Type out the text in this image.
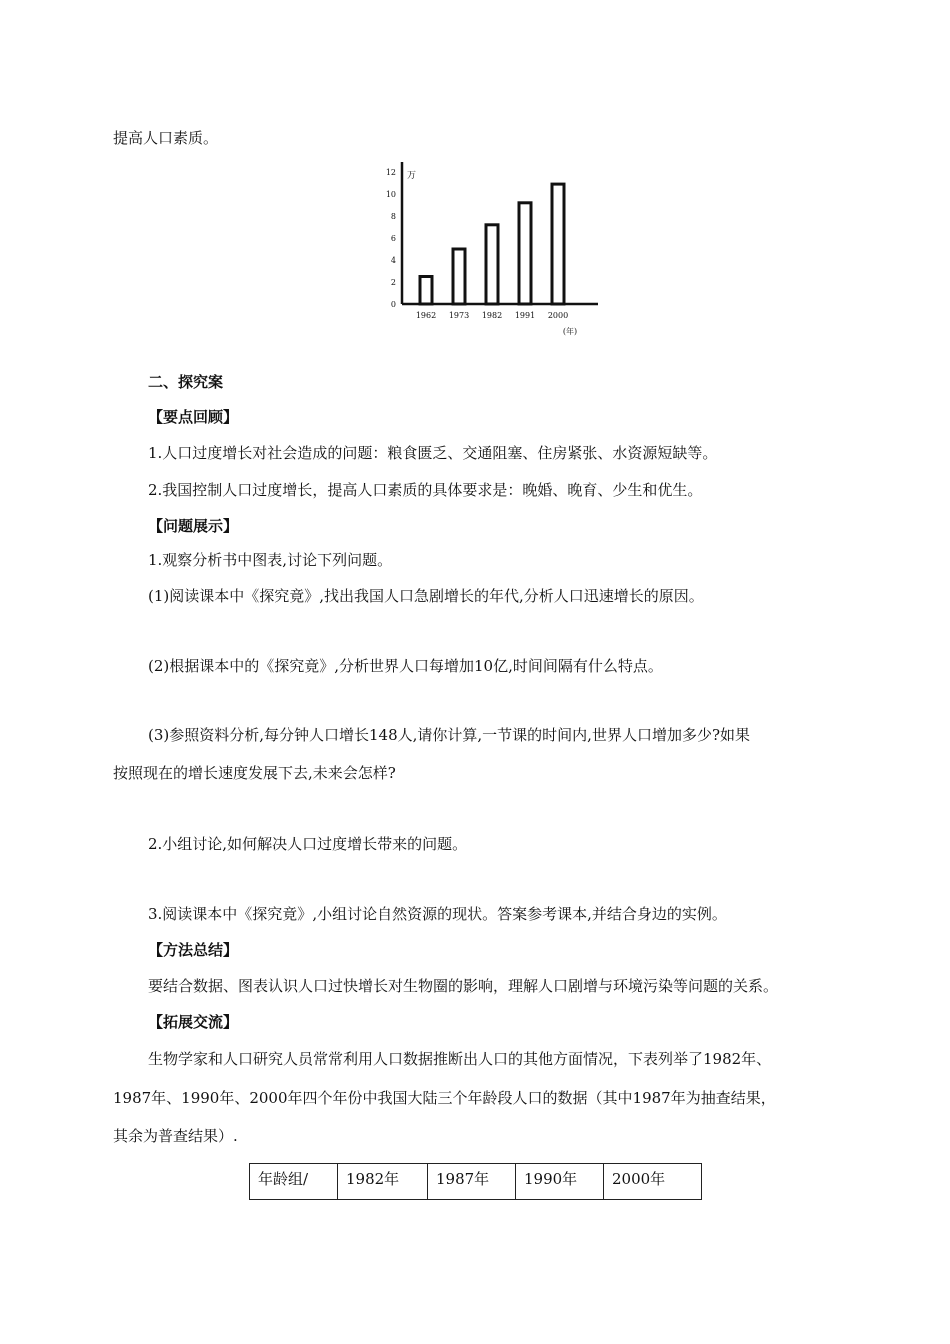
提高人口素质。
0
2
4
6
8
10
12 万
1962 1973 1982 1991 2000
(年)
二、探究案
【要点回顾】
1.人口过度增长对社会造成的问题：粮食匮乏、交通阻塞、住房紧张、水资源短缺等。
2.我国控制人口过度增长，提高人口素质的具体要求是：晚婚、晚育、少生和优生。
【问题展示】
1.观察分析书中图表,讨论下列问题。
(1)阅读课本中《探究竟》,找出我国人口急剧增长的年代,分析人口迅速增长的原因。
(2)根据课本中的《探究竟》,分析世界人口每增加10亿,时间间隔有什么特点。
(3)参照资料分析,每分钟人口增长148人,请你计算,一节课的时间内,世界人口增加多少?如果
按照现在的增长速度发展下去,未来会怎样?
2.小组讨论,如何解决人口过度增长带来的问题。
3.阅读课本中《探究竟》,小组讨论自然资源的现状。答案参考课本,并结合身边的实例。
【方法总结】
要结合数据、图表认识人口过快增长对生物圈的影响，理解人口剧增与环境污染等问题的关系。
【拓展交流】
生物学家和人口研究人员常常利用人口数据推断出人口的其他方面情况，下表列举了1982年、
1987年、1990年、2000年四个年份中我国大陆三个年龄段人口的数据（其中1987年为抽查结果，
其余为普查结果）.
年龄组/	1982年	1987年	1990年	2000年
